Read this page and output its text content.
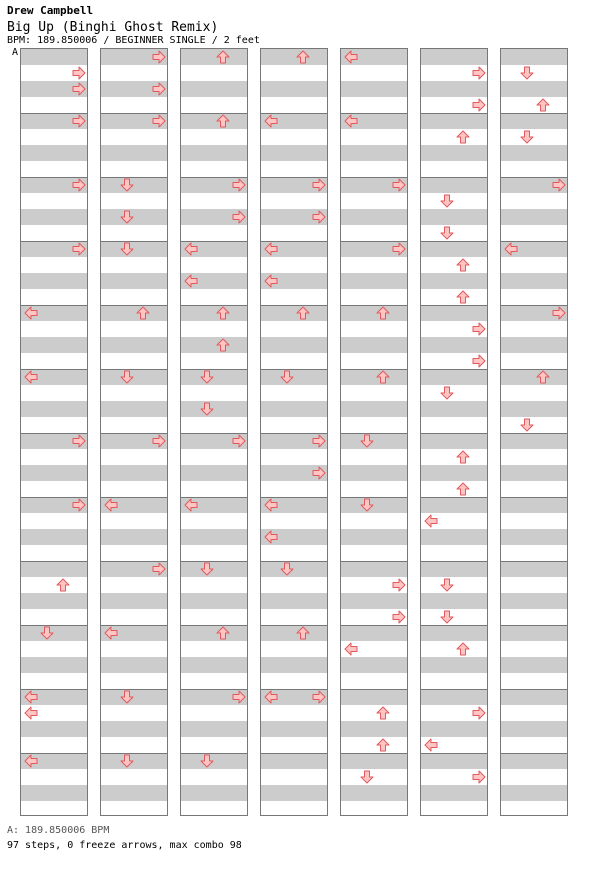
Drew Campbell
Big Up (Binghi Ghost Remix)
BPM: 189.850006 / BEGINNER SINGLE / 2 feet
A
A: 189.850006 BPM
97 steps, 0 freeze arrows, max combo 98
